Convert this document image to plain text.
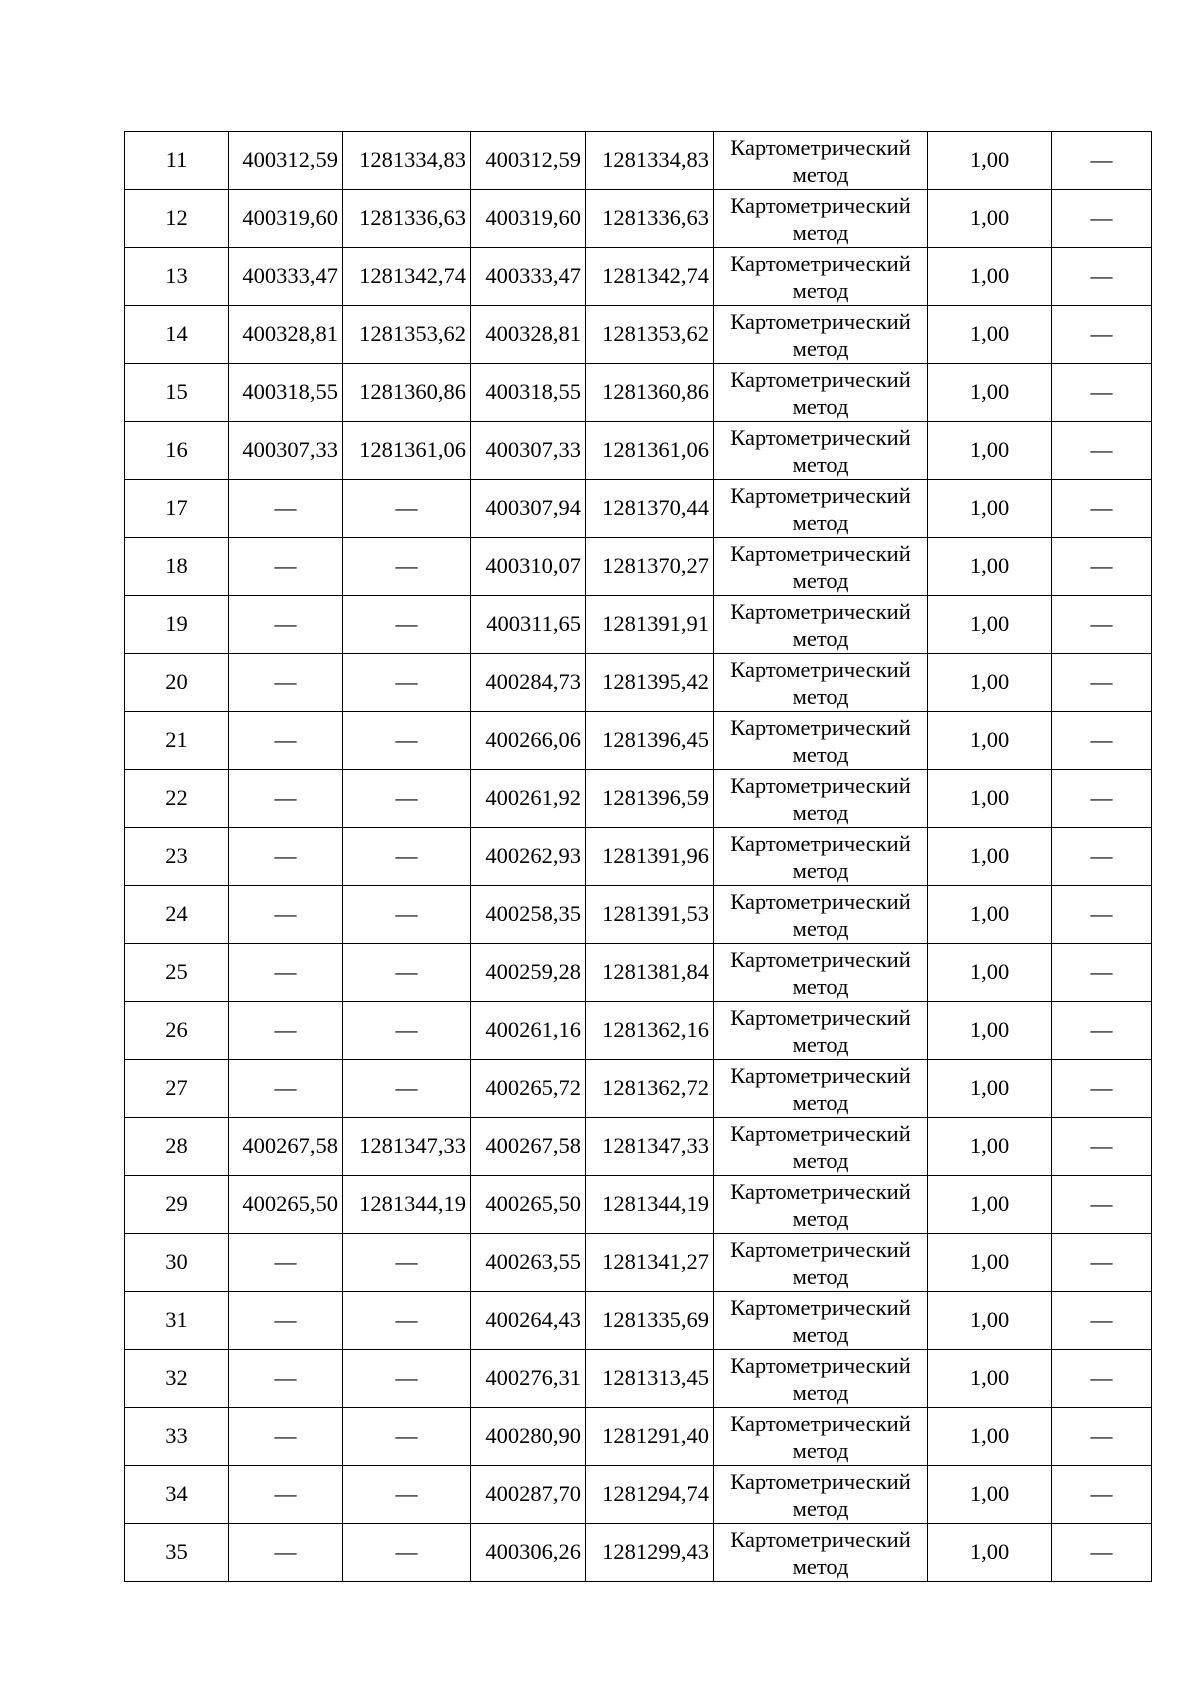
11	400312,59	1281334,83	400312,59	1281334,83	Картометрический метод	1,00	—
12	400319,60	1281336,63	400319,60	1281336,63	Картометрический метод	1,00	—
13	400333,47	1281342,74	400333,47	1281342,74	Картометрический метод	1,00	—
14	400328,81	1281353,62	400328,81	1281353,62	Картометрический метод	1,00	—
15	400318,55	1281360,86	400318,55	1281360,86	Картометрический метод	1,00	—
16	400307,33	1281361,06	400307,33	1281361,06	Картометрический метод	1,00	—
17	—	—	400307,94	1281370,44	Картометрический метод	1,00	—
18	—	—	400310,07	1281370,27	Картометрический метод	1,00	—
19	—	—	400311,65	1281391,91	Картометрический метод	1,00	—
20	—	—	400284,73	1281395,42	Картометрический метод	1,00	—
21	—	—	400266,06	1281396,45	Картометрический метод	1,00	—
22	—	—	400261,92	1281396,59	Картометрический метод	1,00	—
23	—	—	400262,93	1281391,96	Картометрический метод	1,00	—
24	—	—	400258,35	1281391,53	Картометрический метод	1,00	—
25	—	—	400259,28	1281381,84	Картометрический метод	1,00	—
26	—	—	400261,16	1281362,16	Картометрический метод	1,00	—
27	—	—	400265,72	1281362,72	Картометрический метод	1,00	—
28	400267,58	1281347,33	400267,58	1281347,33	Картометрический метод	1,00	—
29	400265,50	1281344,19	400265,50	1281344,19	Картометрический метод	1,00	—
30	—	—	400263,55	1281341,27	Картометрический метод	1,00	—
31	—	—	400264,43	1281335,69	Картометрический метод	1,00	—
32	—	—	400276,31	1281313,45	Картометрический метод	1,00	—
33	—	—	400280,90	1281291,40	Картометрический метод	1,00	—
34	—	—	400287,70	1281294,74	Картометрический метод	1,00	—
35	—	—	400306,26	1281299,43	Картометрический метод	1,00	—
